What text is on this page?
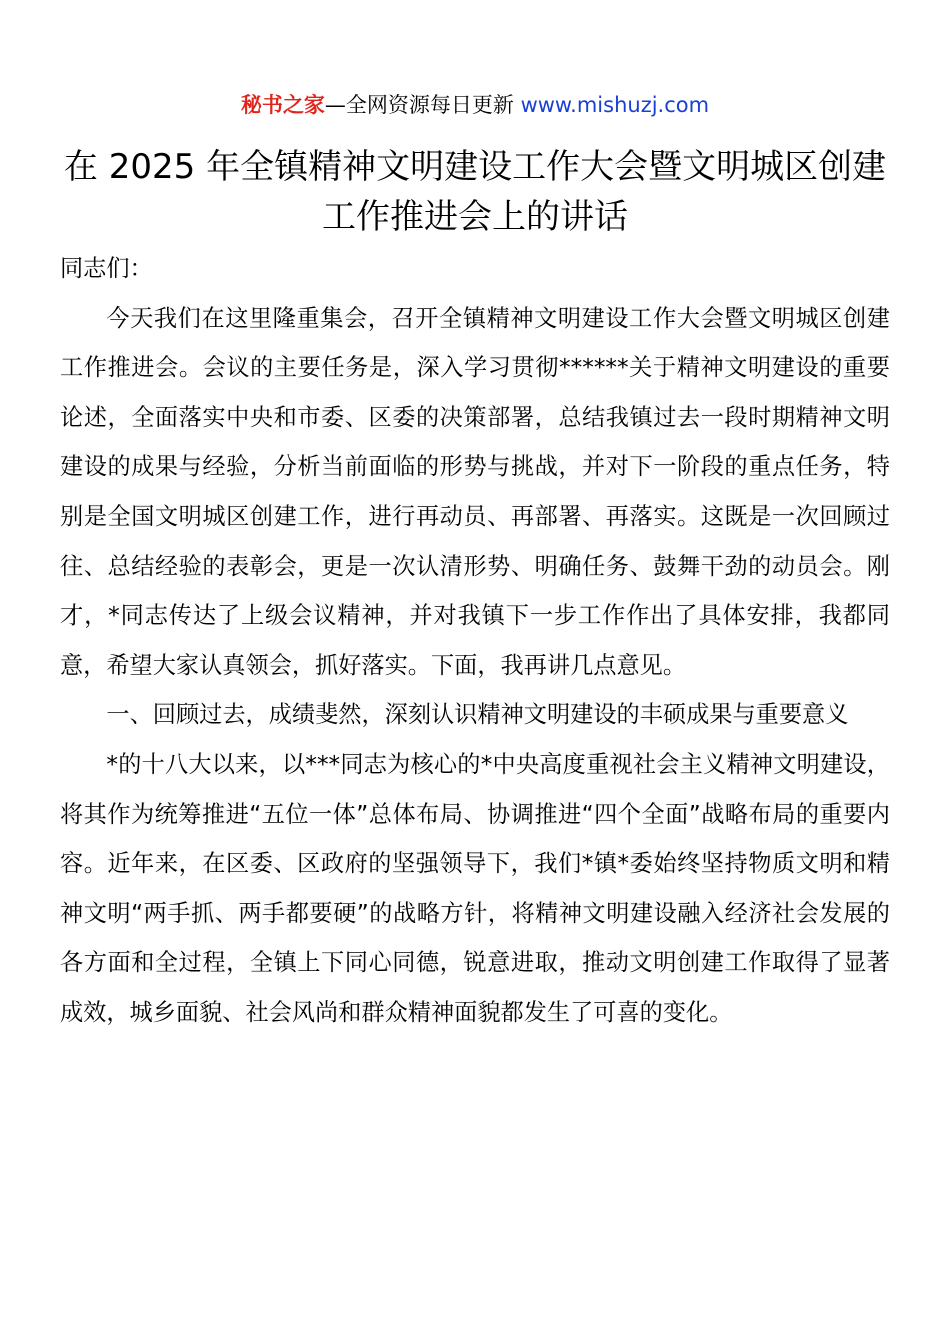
秘书之家—全网资源每日更新 www.mishuzj.com
在 2025 年全镇精神文明建设工作大会暨文明城区创建工作推进会上的讲话

同志们：

今天我们在这里隆重集会，召开全镇精神文明建设工作大会暨文明城区创建工作推进会。会议的主要任务是，深入学习贯彻******关于精神文明建设的重要论述，全面落实中央和市委、区委的决策部署，总结我镇过去一段时期精神文明建设的成果与经验，分析当前面临的形势与挑战，并对下一阶段的重点任务，特别是全国文明城区创建工作，进行再动员、再部署、再落实。这既是一次回顾过往、总结经验的表彰会，更是一次认清形势、明确任务、鼓舞干劲的动员会。刚才，*同志传达了上级会议精神，并对我镇下一步工作作出了具体安排，我都同意，希望大家认真领会，抓好落实。下面，我再讲几点意见。

一、回顾过去，成绩斐然，深刻认识精神文明建设的丰硕成果与重要意义

*的十八大以来，以***同志为核心的*中央高度重视社会主义精神文明建设，将其作为统筹推进“五位一体”总体布局、协调推进“四个全面”战略布局的重要内容。近年来，在区委、区政府的坚强领导下，我们*镇*委始终坚持物质文明和精神文明“两手抓、两手都要硬”的战略方针，将精神文明建设融入经济社会发展的各方面和全过程，全镇上下同心同德，锐意进取，推动文明创建工作取得了显著成效，城乡面貌、社会风尚和群众精神面貌都发生了可喜的变化。
